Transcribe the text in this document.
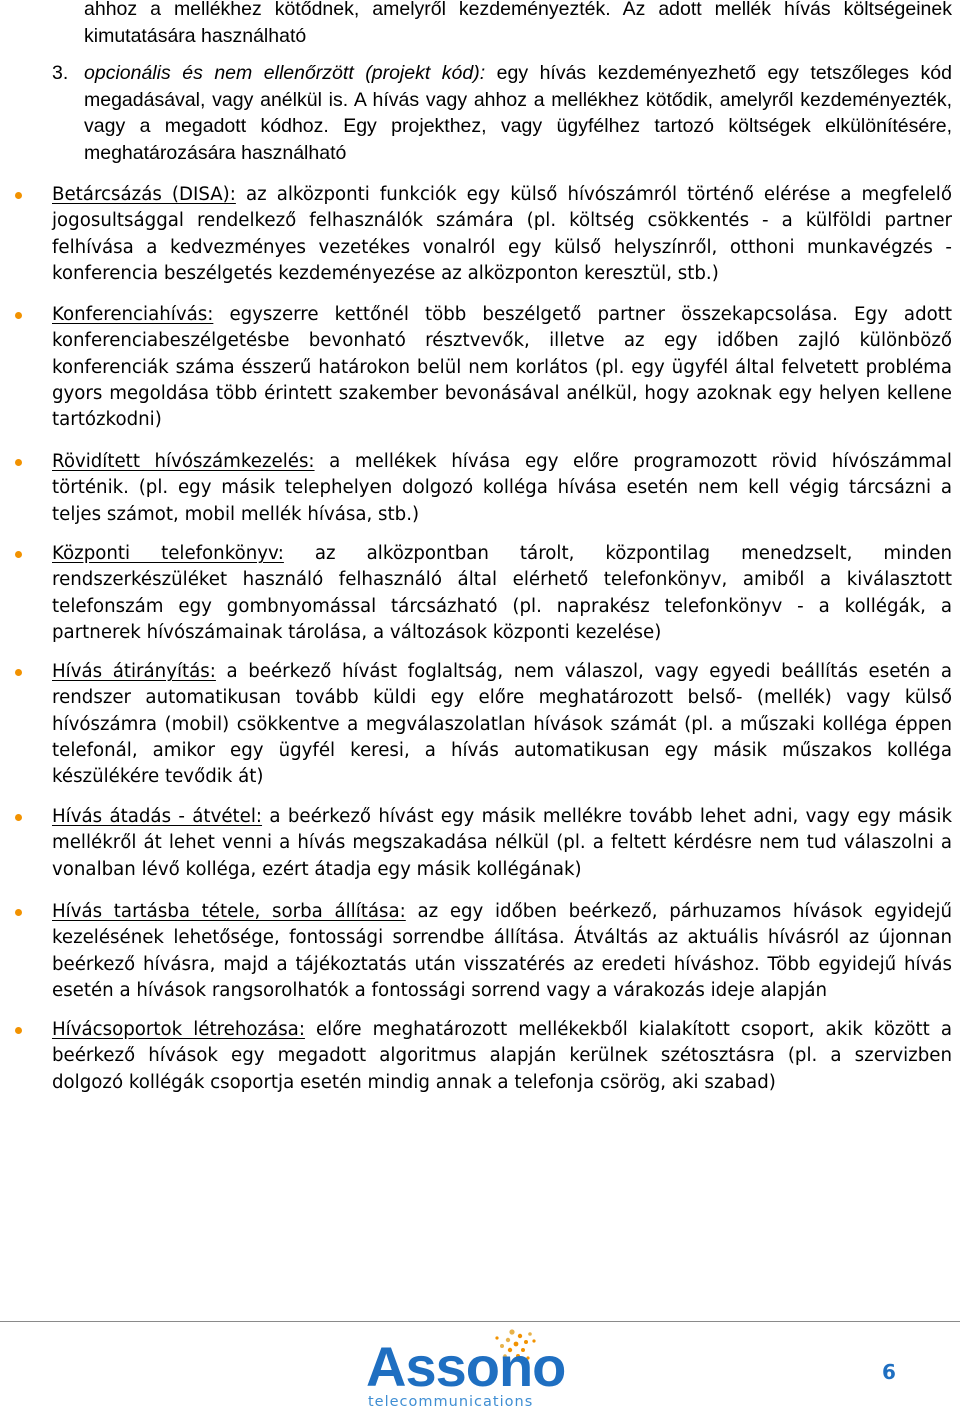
ahhoz a mellékhez kötődnek, amelyről kezdeményezték. Az adott mellék hívás költségeinek kimutatására használható
3. opcionális és nem ellenőrzött (projekt kód): egy hívás kezdeményezhető egy tetszőleges kód megadásával, vagy anélkül is. A hívás vagy ahhoz a mellékhez kötődik, amelyről kezdeményezték, vagy a megadott kódhoz. Egy projekthez, vagy ügyfélhez tartozó költségek elkülönítésére, meghatározására használható
Betárcsázás (DISA): az alközponti funkciók egy külső hívószámról történő elérése a megfelelő jogosultsággal rendelkező felhasználók számára (pl. költség csökkentés - a külföldi partner felhívása a kedvezményes vezetékes vonalról egy külső helyszínről, otthoni munkavégzés - konferencia beszélgetés kezdeményezése az alközponton keresztül, stb.)
Konferenciahívás: egyszerre kettőnél több beszélgető partner összekapcsolása. Egy adott konferenciabeszélgetésbe bevonható résztvevők, illetve az egy időben zajló különböző konferenciák száma ésszerű határokon belül nem korlátos (pl. egy ügyfél által felvetett probléma gyors megoldása több érintett szakember bevonásával anélkül, hogy azoknak egy helyen kellene tartózkodni)
Rövidített hívószámkezelés: a mellékek hívása egy előre programozott rövid hívószámmal történik. (pl. egy másik telephelyen dolgozó kolléga hívása esetén nem kell végig tárcsázni a teljes számot, mobil mellék hívása, stb.)
Központi telefonkönyv: az alközpontban tárolt, központilag menedzselt, minden rendszerkészüléket használó felhasználó által elérhető telefonkönyv, amiből a kiválasztott telefonszám egy gombnyomással tárcsázható (pl. naprakész telefonkönyv - a kollégák, a partnerek hívószámainak tárolása, a változások központi kezelése)
Hívás átirányítás: a beérkező hívást foglaltság, nem válaszol, vagy egyedi beállítás esetén a rendszer automatikusan tovább küldi egy előre meghatározott belső- (mellék) vagy külső hívószámra (mobil) csökkentve a megválaszolatlan hívások számát (pl. a műszaki kolléga éppen telefonál, amikor egy ügyfél keresi, a hívás automatikusan egy másik műszakos kolléga készülékére tevődik át)
Hívás átadás - átvétel: a beérkező hívást egy másik mellékre tovább lehet adni, vagy egy másik mellékről át lehet venni a hívás megszakadása nélkül (pl. a feltett kérdésre nem tud válaszolni a vonalban lévő kolléga, ezért átadja egy másik kollégának)
Hívás tartásba tétele, sorba állítása: az egy időben beérkező, párhuzamos hívások egyidejű kezelésének lehetősége, fontossági sorrendbe állítása. Átváltás az aktuális hívásról az újonnan beérkező hívásra, majd a tájékoztatás után visszatérés az eredeti híváshoz. Több egyidejű hívás esetén a hívások rangsorolhatók a fontossági sorrend vagy a várakozás ideje alapján
Hívácsoportok létrehozása: előre meghatározott mellékekből kialakított csoport, akik között a beérkező hívások egy megadott algoritmus alapján kerülnek szétosztásra (pl. a szervizben dolgozó kollégák csoportja esetén mindig annak a telefonja csörög, aki szabad)
Assono
telecommunications
6
